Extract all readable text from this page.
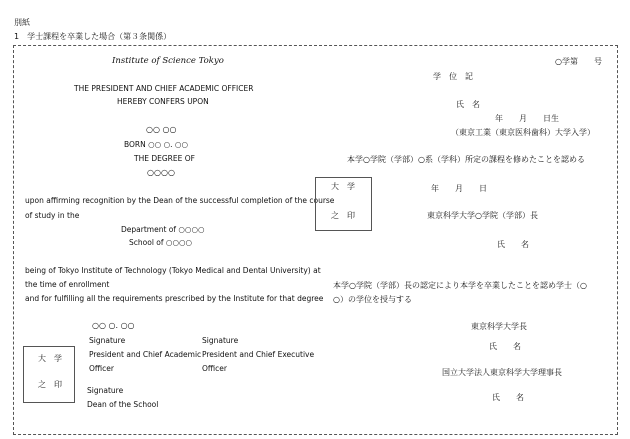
別紙
1　学士課程を卒業した場合（第３条関係）
Institute of Science Tokyo
THE PRESIDENT AND CHIEF ACADEMIC OFFICER
HEREBY CONFERS UPON
○○ ○○
BORN ○○ ○. ○○
THE DEGREE OF
○○○○
upon affirming recognition by the Dean of the successful completion of the course
of study in the
Department of ○○○○
School of ○○○○
being of Tokyo Institute of Technology (Tokyo Medical and Dental University) at
the time of enrollment
and for fulfilling all the requirements prescribed by the Institute for that degree
○○ ○. ○○
Signature
President and Chief Academic
Officer
Signature
President and Chief Executive
Officer
Signature
Dean of the School
大　学
之　印
○学第　　号
学　位　記
氏　名
年　　月　　日生
（東京工業（東京医科歯科）大学入学）
本学○学院（学部）○系（学科）所定の課程を修めたことを認める
年　　月　　日
東京科学大学○学院（学部）長
氏　　名
本学○学院（学部）長の認定により本学を卒業したことを認め学士（○
○）の学位を授与する
東京科学大学長
氏　　名
国立大学法人東京科学大学理事長
氏　　名
大　学
之　印
